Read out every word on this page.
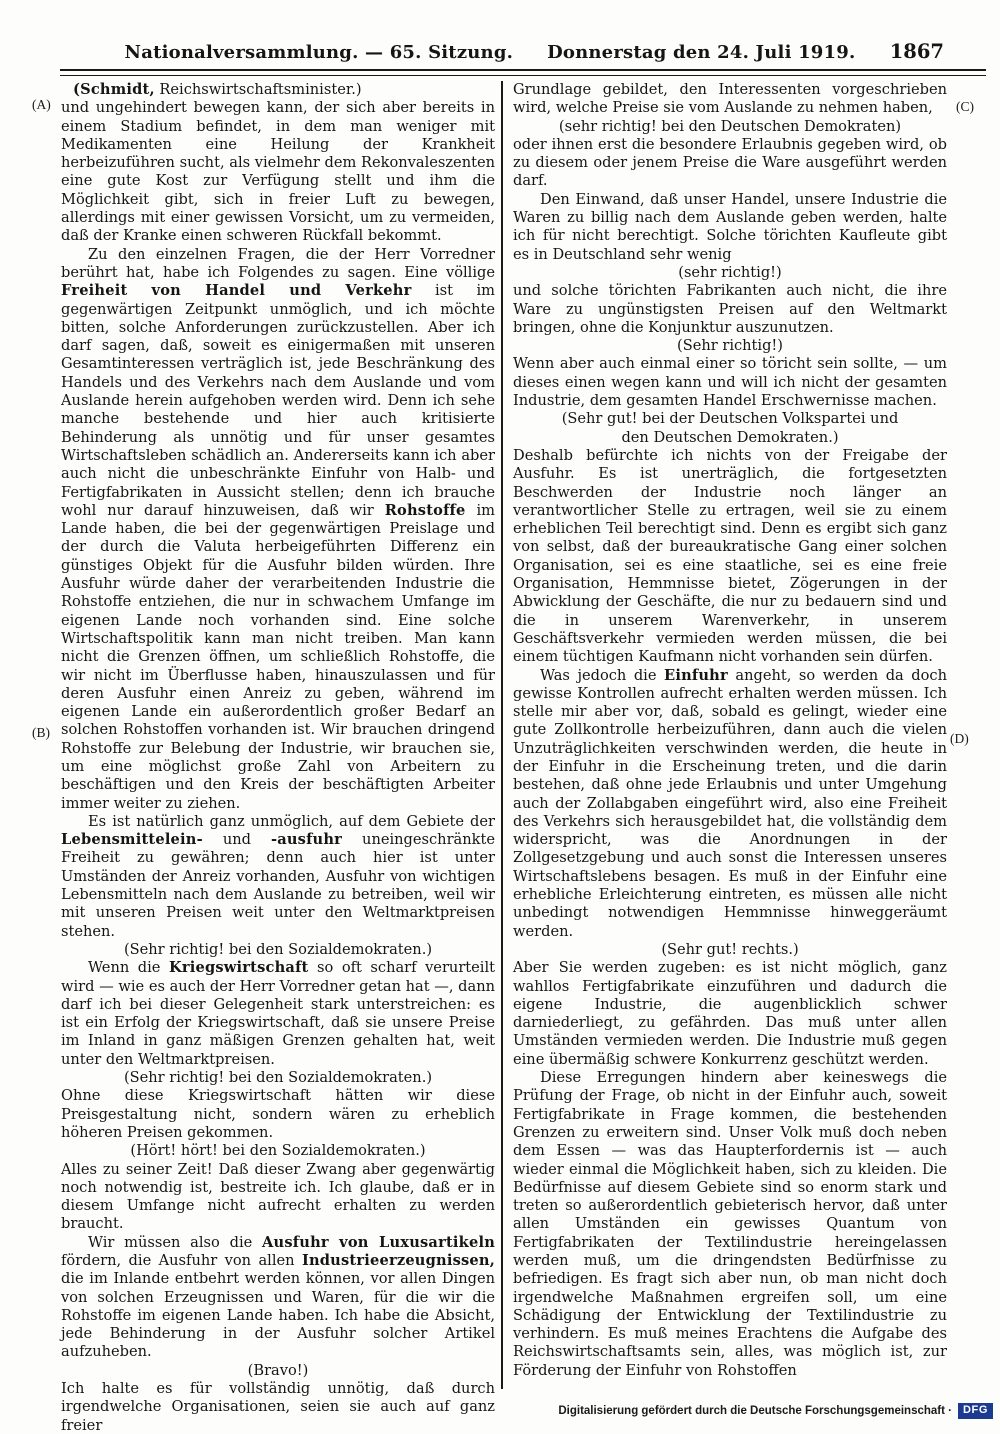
Nationalversammlung. — 65. Sitzung. Donnerstag den 24. Juli 1919.	1867
(A)
(B)
(C)
(D)

(Schmidt, Reichswirtschaftsminister.)

und ungehindert bewegen kann, der sich aber bereits in einem Stadium befindet, in dem man weniger mit Medikamenten eine Heilung der Krankheit herbeizuführen sucht, als vielmehr dem Rekonvaleszenten eine gute Kost zur Verfügung stellt und ihm die Möglichkeit gibt, sich in freier Luft zu bewegen, allerdings mit einer gewissen Vorsicht, um zu vermeiden, daß der Kranke einen schweren Rückfall bekommt.

Zu den einzelnen Fragen, die der Herr Vorredner berührt hat, habe ich Folgendes zu sagen. Eine völlige Freiheit von Handel und Verkehr ist im gegenwärtigen Zeitpunkt unmöglich, und ich möchte bitten, solche Anforderungen zurückzustellen. Aber ich darf sagen, daß, soweit es einigermaßen mit unseren Gesamtinteressen verträglich ist, jede Beschränkung des Handels und des Verkehrs nach dem Auslande und vom Auslande herein aufgehoben werden wird. Denn ich sehe manche bestehende und hier auch kritisierte Behinderung als unnötig und für unser gesamtes Wirtschaftsleben schädlich an. Andererseits kann ich aber auch nicht die unbeschränkte Einfuhr von Halb- und Fertigfabrikaten in Aussicht stellen; denn ich brauche wohl nur darauf hinzuweisen, daß wir Rohstoffe im Lande haben, die bei der gegenwärtigen Preislage und der durch die Valuta herbeigeführten Differenz ein günstiges Objekt für die Ausfuhr bilden würden. Ihre Ausfuhr würde daher der verarbeitenden Industrie die Rohstoffe entziehen, die nur in schwachem Umfange im eigenen Lande noch vorhanden sind. Eine solche Wirtschaftspolitik kann man nicht treiben. Man kann nicht die Grenzen öffnen, um schließlich Rohstoffe, die wir nicht im Überflusse haben, hinauszulassen und für deren Ausfuhr einen Anreiz zu geben, während im eigenen Lande ein außerordentlich großer Bedarf an solchen Rohstoffen vorhanden ist. Wir brauchen dringend Rohstoffe zur Belebung der Industrie, wir brauchen sie, um eine möglichst große Zahl von Arbeitern zu beschäftigen und den Kreis der beschäftigten Arbeiter immer weiter zu ziehen.

Es ist natürlich ganz unmöglich, auf dem Gebiete der Lebensmittelein- und -ausfuhr uneingeschränkte Freiheit zu gewähren; denn auch hier ist unter Umständen der Anreiz vorhanden, Ausfuhr von wichtigen Lebensmitteln nach dem Auslande zu betreiben, weil wir mit unseren Preisen weit unter den Weltmarktpreisen stehen.

(Sehr richtig! bei den Sozialdemokraten.)

Wenn die Kriegswirtschaft so oft scharf verurteilt wird — wie es auch der Herr Vorredner getan hat —, dann darf ich bei dieser Gelegenheit stark unterstreichen: es ist ein Erfolg der Kriegswirtschaft, daß sie unsere Preise im Inland in ganz mäßigen Grenzen gehalten hat, weit unter den Weltmarktpreisen.

(Sehr richtig! bei den Sozialdemokraten.)

Ohne diese Kriegswirtschaft hätten wir diese Preisgestaltung nicht, sondern wären zu erheblich höheren Preisen gekommen.

(Hört! hört! bei den Sozialdemokraten.)

Alles zu seiner Zeit! Daß dieser Zwang aber gegenwärtig noch notwendig ist, bestreite ich. Ich glaube, daß er in diesem Umfange nicht aufrecht erhalten zu werden braucht.

Wir müssen also die Ausfuhr von Luxusartikeln fördern, die Ausfuhr von allen Industrieerzeugnissen, die im Inlande entbehrt werden können, vor allen Dingen von solchen Erzeugnissen und Waren, für die wir die Rohstoffe im eigenen Lande haben. Ich habe die Absicht, jede Behinderung in der Ausfuhr solcher Artikel aufzuheben.

(Bravo!)

Ich halte es für vollständig unnötig, daß durch irgendwelche Organisationen, seien sie auch auf ganz freier

Grundlage gebildet, den Interessenten vorgeschrieben wird, welche Preise sie vom Auslande zu nehmen haben,

(sehr richtig! bei den Deutschen Demokraten)

oder ihnen erst die besondere Erlaubnis gegeben wird, ob zu diesem oder jenem Preise die Ware ausgeführt werden darf.

Den Einwand, daß unser Handel, unsere Industrie die Waren zu billig nach dem Auslande geben werden, halte ich für nicht berechtigt. Solche törichten Kaufleute gibt es in Deutschland sehr wenig

(sehr richtig!)

und solche törichten Fabrikanten auch nicht, die ihre Ware zu ungünstigsten Preisen auf den Weltmarkt bringen, ohne die Konjunktur auszunutzen.

(Sehr richtig!)

Wenn aber auch einmal einer so töricht sein sollte, — um dieses einen wegen kann und will ich nicht der gesamten Industrie, dem gesamten Handel Erschwernisse machen.

(Sehr gut! bei der Deutschen Volkspartei und den Deutschen Demokraten.)

Deshalb befürchte ich nichts von der Freigabe der Ausfuhr. Es ist unerträglich, die fortgesetzten Beschwerden der Industrie noch länger an verantwortlicher Stelle zu ertragen, weil sie zu einem erheblichen Teil berechtigt sind. Denn es ergibt sich ganz von selbst, daß der bureaukratische Gang einer solchen Organisation, sei es eine staatliche, sei es eine freie Organisation, Hemmnisse bietet, Zögerungen in der Abwicklung der Geschäfte, die nur zu bedauern sind und die in unserem Warenverkehr, in unserem Geschäftsverkehr vermieden werden müssen, die bei einem tüchtigen Kaufmann nicht vorhanden sein dürfen.

Was jedoch die Einfuhr angeht, so werden da doch gewisse Kontrollen aufrecht erhalten werden müssen. Ich stelle mir aber vor, daß, sobald es gelingt, wieder eine gute Zollkontrolle herbeizuführen, dann auch die vielen Unzuträglichkeiten verschwinden werden, die heute in der Einfuhr in die Erscheinung treten, und die darin bestehen, daß ohne jede Erlaubnis und unter Umgehung auch der Zollabgaben eingeführt wird, also eine Freiheit des Verkehrs sich herausgebildet hat, die vollständig dem widerspricht, was die Anordnungen in der Zollgesetzgebung und auch sonst die Interessen unseres Wirtschaftslebens besagen. Es muß in der Einfuhr eine erhebliche Erleichterung eintreten, es müssen alle nicht unbedingt notwendigen Hemmnisse hinweggeräumt werden.

(Sehr gut! rechts.)

Aber Sie werden zugeben: es ist nicht möglich, ganz wahllos Fertigfabrikate einzuführen und dadurch die eigene Industrie, die augenblicklich schwer darniederliegt, zu gefährden. Das muß unter allen Umständen vermieden werden. Die Industrie muß gegen eine übermäßig schwere Konkurrenz geschützt werden.

Diese Erregungen hindern aber keineswegs die Prüfung der Frage, ob nicht in der Einfuhr auch, soweit Fertigfabrikate in Frage kommen, die bestehenden Grenzen zu erweitern sind. Unser Volk muß doch neben dem Essen — was das Haupterfordernis ist — auch wieder einmal die Möglichkeit haben, sich zu kleiden. Die Bedürfnisse auf diesem Gebiete sind so enorm stark und treten so außerordentlich gebieterisch hervor, daß unter allen Umständen ein gewisses Quantum von Fertigfabrikaten der Textilindustrie hereingelassen werden muß, um die dringendsten Bedürfnisse zu befriedigen. Es fragt sich aber nun, ob man nicht doch irgendwelche Maßnahmen ergreifen soll, um eine Schädigung der Entwicklung der Textilindustrie zu verhindern. Es muß meines Erachtens die Aufgabe des Reichswirtschaftsamts sein, alles, was möglich ist, zur Förderung der Einfuhr von Rohstoffen

Digitalisierung gefördert durch die Deutsche Forschungsgemeinschaft ·	DFG
